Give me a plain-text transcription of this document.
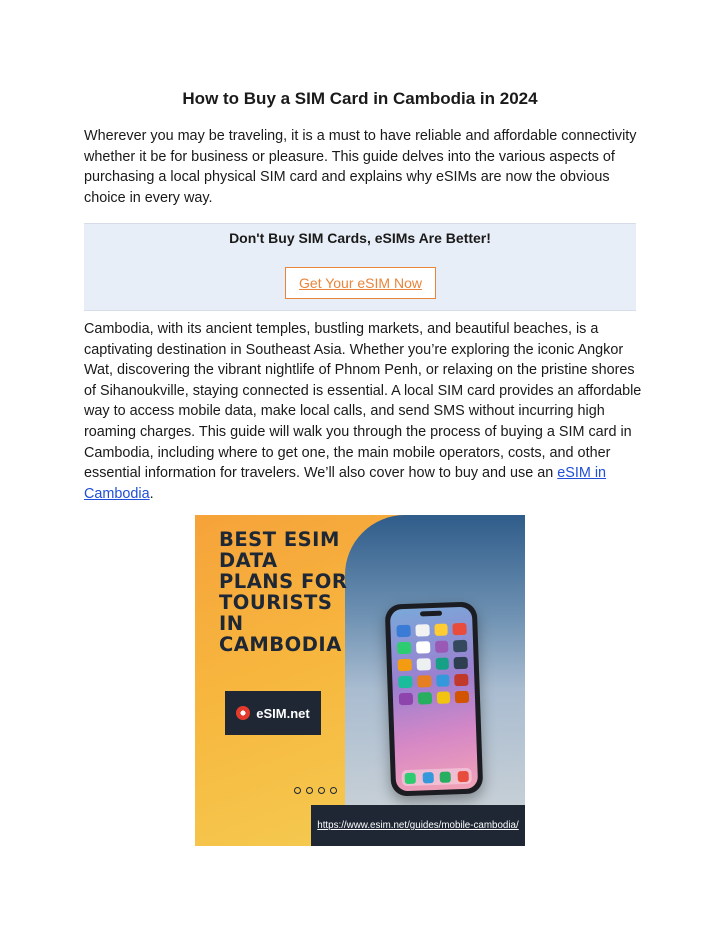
How to Buy a SIM Card in Cambodia in 2024

Wherever you may be traveling, it is a must to have reliable and affordable connectivity whether it be for business or pleasure. This guide delves into the various aspects of purchasing a local physical SIM card and explains why eSIMs are now the obvious choice in every way.

Don't Buy SIM Cards, eSIMs Are Better!
Get Your eSIM Now

Cambodia, with its ancient temples, bustling markets, and beautiful beaches, is a captivating destination in Southeast Asia. Whether you’re exploring the iconic Angkor Wat, discovering the vibrant nightlife of Phnom Penh, or relaxing on the pristine shores of Sihanoukville, staying connected is essential. A local SIM card provides an affordable way to access mobile data, make local calls, and send SMS without incurring high roaming charges. This guide will walk you through the process of buying a SIM card in Cambodia, including where to get one, the main mobile operators, costs, and other essential information for travelers. We’ll also cover how to buy and use an eSIM in Cambodia.

BEST ESIM
DATA
PLANS FOR
TOURISTS
IN
CAMBODIA
eSIM.net
https://www.esim.net/guides/mobile-cambodia/
